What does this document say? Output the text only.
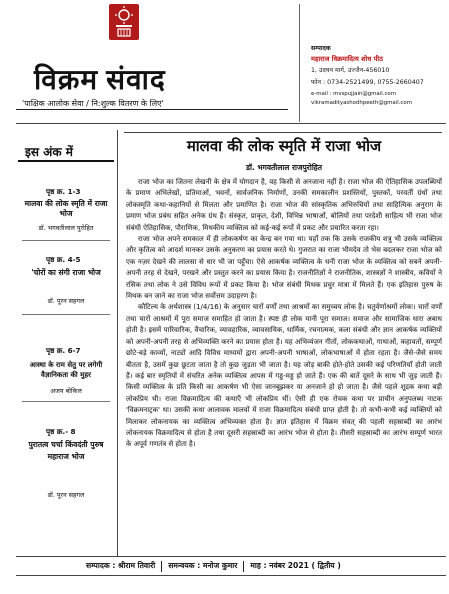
विक्रम संवाद
'पाक्षिक आलोक सेवा / नि:शुल्क वितरण के लिए'
सम्पादक
महाराज विक्रमादित्य शोध पीठ
1, उदयन मार्ग, उज्जैन-456010
फोन : 0734-2521499, 0755-2660407
e-mail : mvspujjain@gmail.com
vikramadityashodhpeeth@gmail.com
इस अंक में
पृष्ठ क्र. 1-3
मालवा की लोक स्मृति में राजा भोज
डॉ. भगवतीलाल पुरोहित
पृष्ठ क्र. 4-5
'चोरों का संगी राजा भोज
डॉ. पूरन सहगल
पृष्ठ क्र. 6-7
आस्था के राम सेतु पर लगेगी वैज्ञानिकता की मुहर
अजय बोकिल
पृष्ठ क्र.- 8
पुरातत्व चर्चा किंवदंती पुरुष महाराज भोज
डॉ. पूरन सहगल
मालवा की लोक स्मृति में राजा भोज
डॉ. भगवतीलाल राजपुरोहित

राजा भोज का जितना लेखनी के क्षेत्र में योगदान है, वह किसी से अनजाना नहीं है। राजा भोज की ऐतिहासिक उपलब्धियों के प्रमाण अभिलेखों, प्रतिमाओं, भवनों, सार्वजनिक निर्माणों, उनकी समकालीन प्रशस्तियों, पुस्तकों, परवर्ती ग्रंथों तथा लोकस्मृति कथा-कहानियों से मिलता और प्रमाणित है। राजा भोज की सांस्कृतिक अभिरुचियों तथा साहित्यिक अनुराग के प्रमाण भोज प्रबंध सहित अनेक ग्रंथ हैं। संस्कृत, प्राकृत, देशी, विभिन्न भाषाओं, बोलियों तथा परदेशी साहित्य भी राजा भोज संबंधी ऐतिहासिक, पौराणिक, मिथकीय व्यक्तित्व को कई-कई रूपों में प्रकट और प्रचारित करता रहा।

राजा भोज अपने समकाल में ही लोककर्षण का केन्द्र बन गया था। यहाँ तक कि उसके राजकीय शत्रु भी उसके व्यक्तित्व और कृतित्व को आदर्श मानकर उसके अनुकरण का प्रयास करते थे। गुजरात का राजा भीमदेव तो भेस बदलकर राजा भोज को एक नज़र देखने की लालसा से धार भी जा पहुँचा। ऐसे आकर्षक व्यक्तित्व के धनी राजा भोज के व्यक्तित्व को सबने अपनी-अपनी तरह से देखने, परखने और प्रस्तुत करने का प्रयास किया है। राजनीतिज्ञों ने राजनीतिक, शास्त्रज्ञों ने शास्त्रीय, कवियों ने रसिक तथा लोक ने उसे विविध रूपों में प्रकट किया है। भोज संबंधी मिथक प्रचुर मात्रा में मिलते हैं। एक इतिहास पुरुष के मिथक बन जाने का राजा भोज सर्वोत्तम उदाहरण है।

कौटिल्य के अर्थशास्त्र (1/4/16) के अनुसार चारों वर्णों तथा आश्रमों का समुच्चय लोक है। चतुर्वर्णाश्रमों लोकः। चारों वर्णों तथा चारों आश्रमों में पूरा समाज समाहित हो जाता है। स्पष्ट ही लोक यानी पूरा समाज। समाज और सामाजिक धारा अबाध होती है। इसमें पारिवारिक, वैचारिक, व्यावहारिक, व्यावसायिक, धार्मिक, रचनात्मक, कला संबंधी और ज्ञान आकर्षक व्यक्तियों को अपनी-अपनी तरह से अभिव्यक्ति करने का प्रयास होता है। यह अभिव्यंजन गीतों, लोककथाओं, गाथाओं, कहावतों, सम्पूर्ण छोटे-बड़े काव्यों, नाट्यों आदि विविध माध्यमों द्वारा अपनी-अपनी भाषाओं, लोकभाषाओं में होता रहता है। जैसे-जैसे समय बीतता है, उसमें कुछ छूटता जाता है तो कुछ जुड़ता भी जाता है। यह जोड़ बाकी होते-होते उसकी कई परिणतियाँ होती जाती हैं। कई बार स्मृतियों में संचरित अनेक व्यक्तित्व आपस में गड्ड-मड्ड हो जाते हैं। एक की बातें दूसरे के साथ भी जुड़ जाती हैं। किसी व्यक्तित्व के प्रति किसी का आकर्षण भी ऐसा जानबूझकर या अनजाने हो हो जाता है। जैसे पहले शूद्रक कथा बड़ी लोकप्रिय थी। राजा विक्रमादित्य की कथाएँ भी लोकप्रिय थीं। ऐसी ही एक रोचक कथा पर प्राचीन अनुपलब्ध नाटक 'विक्रमनाट्रक' था। उसकी कथा आलावक मालवों में राजा विक्रमादित्य संबंधी प्राप्त होती है। तो कभी-कभी कई व्यक्तियों को मिलाकर लोकनायक का व्यक्तित्व अभिव्यक्त होता है। ज्ञात इतिहास में विक्रम संवत् की पहली सहस्राब्दी का आरंभ लोकनायक विक्रमादित्य से होता है तथा दूसरी सहस्राब्दी का आरंभ भोज से होता है। तीसरी सहस्राब्दी का आरंभ सम्पूर्ण भारत के अपूर्व गणतंत्र से होता है।

सम्पादक : श्रीराम तिवारी समन्वयक : मनोज कुमार माह : नवंबर 2021 ( द्वितीय )
